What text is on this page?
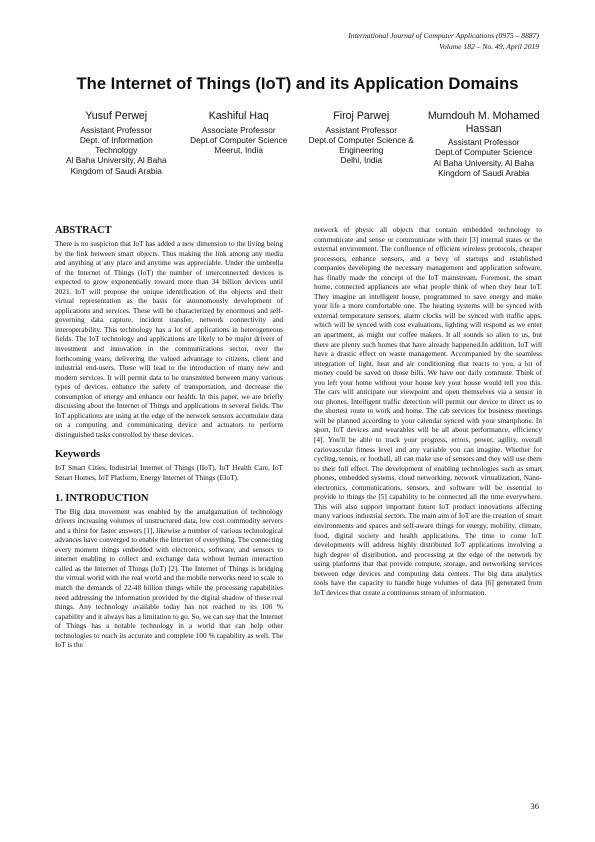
International Journal of Computer Applications (0975 – 8887)
Volume 182 – No. 49, April 2019
The Internet of Things (IoT) and its Application Domains
Yusuf Perwej
Assistant Professor
Dept. of Information Technology
Al Baha University, Al Baha
Kingdom of Saudi Arabia
Kashiful Haq
Associate Professor
Dept.of Computer Science
Meerut, India
Firoj Parwej
Assistant Professor
Dept.of Computer Science & Engineering
Delhi, India
Mumdouh M. Mohamed Hassan
Assistant Professor
Dept.of Computer Science
Al Baha University, Al Baha
Kingdom of Saudi Arabia
ABSTRACT

There is no suspicion that IoT has added a new dimension to the living being by the link between smart objects. Thus making the link among any media and anything at any place and anytime was appreciable. Under the umbrella of the Internet of Things (IoT) the number of interconnected devices is expected to grow exponentially toward more than 34 billion devices until 2021. IoT will propose the unique identification of the objects and their virtual representation as the basis for autonomously development of applications and services. These will be characterized by enormous and self-governing data capture, incident transfer, network connectivity and interoperability. This technology has a lot of applications in heterogeneous fields. The IoT technology and applications are likely to be major drivers of investment and innovation in the communications sector, over the forthcoming years, delivering the valued advantage to citizens, client and industrial end-users. These will lead to the introduction of many new and modern services. It will permit data to be transmitted between many various types of devices, enhance the safety of transportation, and decrease the consumption of energy and enhance our health. In this paper, we are briefly discussing about the Internet of Things and applications in several fields. The IoT applications are using at the edge of the network sensors accumulate data on a computing and communicating device and actuators to perform distinguished tasks controlled by these devices.

Keywords

IoT Smart Cities, Industrial Internet of Things (IIoT), IoT Health Care, IoT Smart Homes, IoT Platform, Energy Internet of Things (EIoT).

1. INTRODUCTION

The Big data movement was enabled by the amalgamation of technology drivers increasing volumes of unstructured data, low cost commodity servers and a thirst for faster answers [1], likewise a number of various technological advances have converged to enable the Internet of everything. The connecting every moment things embedded with electronics, software, and sensors to internet enabling to collect and exchange data without human interaction called as the Internet of Things (IoT) [2]. The Internet of Things is bridging the virtual world with the real world and the mobile networks need to scale to match the demands of 22-48 billion things while the processing capabilities need addressing the information provided by the digital shadow of these real things. Any technology available today has not reached to its 100 % capability and it always has a limitation to go. So, we can say that the Internet of Things has a notable technology in a world that can help other technologies to reach its accurate and complete 100 % capability as well. The IoT is the

network of physic all objects that contain embedded technology to communicate and sense or communicate with their [3] internal states or the external environment. The confluence of efficient wireless protocols, cheaper processors, enhance sensors, and a bevy of startups and established companies developing the necessary management and application software, has finally made the concept of the IoT mainstream. Foremost, the smart home, connected appliances are what people think of when they hear IoT. They imagine an intelligent house, programmed to save energy and make your life a more comfortable one. The heating systems will be synced with external temperature sensors, alarm clocks will be synced with traffic apps, which will be synced with cost evaluations, lighting will respond as we enter an apartment, as might our coffee makers. It all sounds so alien to us, but there are plenty such homes that have already happened.In addition, IoT will have a drastic effect on waste management. Accompanied by the seamless integration of light, heat and air conditioning that reacts to you, a lot of money could be saved on those bills. We have our daily commute. Think of you left your home without your house key your house would tell you this. The cars will anticipate our viewpoint and open themselves via a sensor in our phones. Intelligent traffic detection will permit our device to direct us to the shortest route to work and home. The cab services for business meetings will be planned according to your calendar synced with your smartphone. In sport, IoT devices and wearables will be all about performance, efficiency [4]. You'll be able to track your progress, errors, power, agility, overall cariovascular fitness level and any variable you can imagine. Whether for cycling, tennis, or football, all can make use of sensors and they will use them to their full effect. The development of enabling technologies such as smart phones, embedded systems, cloud networking, network virtualization, Nano-electronics, communications, sensors, and software will be essential to provide to things the [5] capability to be connected all the time everywhere. This will also support important future IoT product innovations affecting many various industrial sectors. The main aim of IoT are the creation of smart environments and spaces and self-aware things for energy, mobility, climate, food, digital society and health applications. The time to come IoT developments will address highly distributed IoT applications involving a high degree of distribution, and processing at the edge of the network by using platforms that that provide compute, storage, and networking services between edge devices and computing data centers. The big data analytics tools have the capacity to handle huge volumes of data [6] generated from IoT devices that create a continuous stream of information.

36
